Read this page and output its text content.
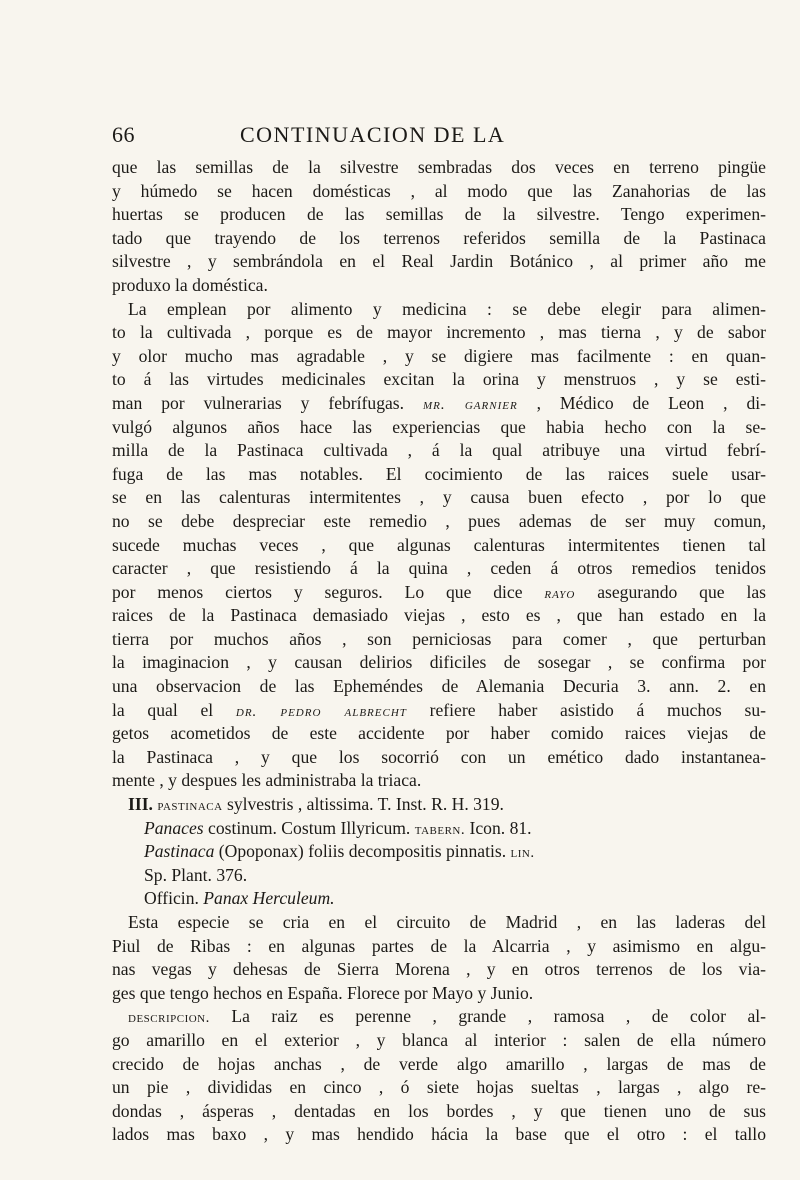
66	CONTINUACION DE LA
que las semillas de la silvestre sembradas dos veces en terreno pingüe
y húmedo se hacen domésticas , al modo que las Zanahorias de las
huertas se producen de las semillas de la silvestre. Tengo experimen-
tado que trayendo de los terrenos referidos semilla de la Pastinaca
silvestre , y sembrándola en el Real Jardin Botánico , al primer año me
produxo la doméstica.
La emplean por alimento y medicina : se debe elegir para alimen-
to la cultivada , porque es de mayor incremento , mas tierna , y de sabor
y olor mucho mas agradable , y se digiere mas facilmente : en quan-
to á las virtudes medicinales excitan la orina y menstruos , y se esti-
man por vulnerarias y febrífugas. mr. garnier , Médico de Leon , di-
vulgó algunos años hace las experiencias que habia hecho con la se-
milla de la Pastinaca cultivada , á la qual atribuye una virtud febrí-
fuga de las mas notables. El cocimiento de las raices suele usar-
se en las calenturas intermitentes , y causa buen efecto , por lo que
no se debe despreciar este remedio , pues ademas de ser muy comun,
sucede muchas veces , que algunas calenturas intermitentes tienen tal
caracter , que resistiendo á la quina , ceden á otros remedios tenidos
por menos ciertos y seguros. Lo que dice rayo asegurando que las
raices de la Pastinaca demasiado viejas , esto es , que han estado en la
tierra por muchos años , son perniciosas para comer , que perturban
la imaginacion , y causan delirios dificiles de sosegar , se confirma por
una observacion de las Epheméndes de Alemania Decuria 3. ann. 2. en
la qual el dr. pedro albrecht refiere haber asistido á muchos su-
getos acometidos de este accidente por haber comido raices viejas de
la Pastinaca , y que los socorrió con un emético dado instantanea-
mente , y despues les administraba la triaca.
III. pastinaca sylvestris , altissima. T. Inst. R. H. 319.
Panaces costinum. Costum Illyricum. tabern. Icon. 81.
Pastinaca (Opoponax) foliis decompositis pinnatis. lin.
Sp. Plant. 376.
Officin. Panax Herculeum.
Esta especie se cria en el circuito de Madrid , en las laderas del
Piul de Ribas : en algunas partes de la Alcarria , y asimismo en algu-
nas vegas y dehesas de Sierra Morena , y en otros terrenos de los via-
ges que tengo hechos en España. Florece por Mayo y Junio.
descripcion. La raiz es perenne , grande , ramosa , de color al-
go amarillo en el exterior , y blanca al interior : salen de ella número
crecido de hojas anchas , de verde algo amarillo , largas de mas de
un pie , divididas en cinco , ó siete hojas sueltas , largas , algo re-
dondas , ásperas , dentadas en los bordes , y que tienen uno de sus
lados mas baxo , y mas hendido hácia la base que el otro : el tallo
